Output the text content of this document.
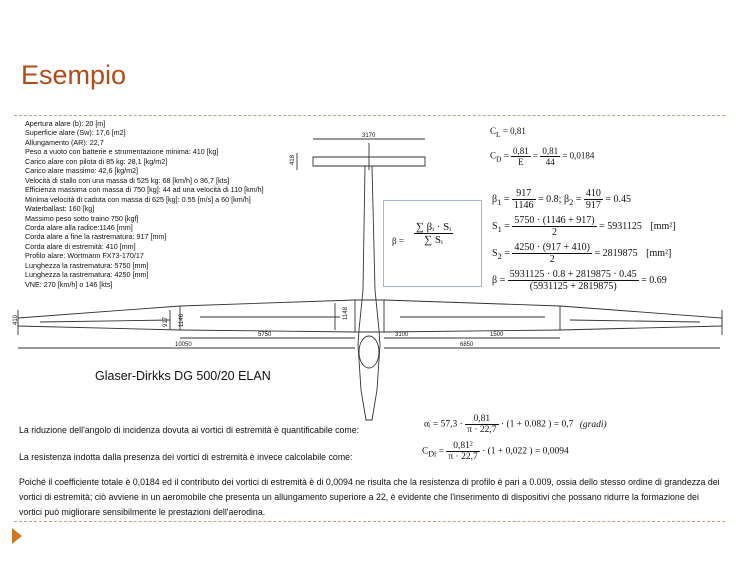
Esempio
3170
418
1148
917 1146
410
5750
10050
3100
6850
1500
Apertura alare (b): 20 [m]
Superficie alare (Sw): 17,6 [m2]
Allungamento (AR): 22,7
Peso a vuoto con batterie e strumentazione minima: 410 [kg]
Carico alare con pilota di 85 kg: 28,1 [kg/m2]
Carico alare massimo: 42,6 [kg/m2]
Velocità di stallo con una massa di 525 kg: 68 [km/h] o 36,7 [kts]
Efficienza massima con massa di 750 [kg]: 44 ad una velocità di 110 [km/h]
Minima velocità di caduta con massa di 625 [kg]: 0.55 [m/s] a 60 [km/h]
Waterballast: 160 [kg]
Massimo peso sotto traino 750 [kgf]
Corda alare alla radice:1146 [mm]
Corda alare a fine la rastrematura: 917 [mm]
Corda alare di estremità: 410 [mm]
Profilo alare: Wortmann FX73-170/17
Lunghezza la rastrematura: 5750 [mm]
Lunghezza la rastrematura: 4250 [mm]
VNE: 270 [km/h] o 146 [kts]
Glaser-Dirkks DG 500/20 ELAN
$\beta = \frac{\text{∑ βᵢ · Sᵢ}}{\text{∑ Sᵢ}}$
$C_L = 0,81$
$C_D = \frac{0,81}{E} = \frac{0,81}{44} = 0,0184$
$\beta_1 = \frac{917}{1146} = 0.8$; $\beta_2 = \frac{410}{917} = 0.45$
$S_1 = \frac{5750 \cdot (1146 + 917)}{2} = 5931125$ [mm²]
$S_2 = \frac{4250 \cdot (917 + 410)}{2} = 2819875$ [mm²]
$\beta = \frac{5931125 \cdot 0.8 + 2819875 \cdot 0.45}{(5931125 + 2819875)} = 0.69$
La riduzione dell'angolo di incidenza dovuta ai vortici di estremità è quantificabile come:
αᵢ = $57,3 \cdot \frac{0,81}{\pi \cdot 22,7} \cdot (1 + 0.082$ ) = 0,7 (gradi)
La resistenza indotta dalla presenza dei vortici di estremità è invece calcolabile come:
$C_{Di} = \frac{\text{0,81²}}{\pi \cdot 22,7} \cdot (1 + 0,022$ ) = 0,0094
Poiché il coefficiente totale è 0,0184 ed il contributo dei vortici di estremità è di 0,0094 ne risulta che la resistenza di profilo è pari a 0.009, ossia dello stesso ordine di grandezza dei vortici di estremità; ciò avviene in un aeromobile che presenta un allungamento superiore a 22, è evidente che l'inserimento di dispositivi che possano ridurre la formazione dei vortici può migliorare sensibilmente le prestazioni dell'aerodina.
